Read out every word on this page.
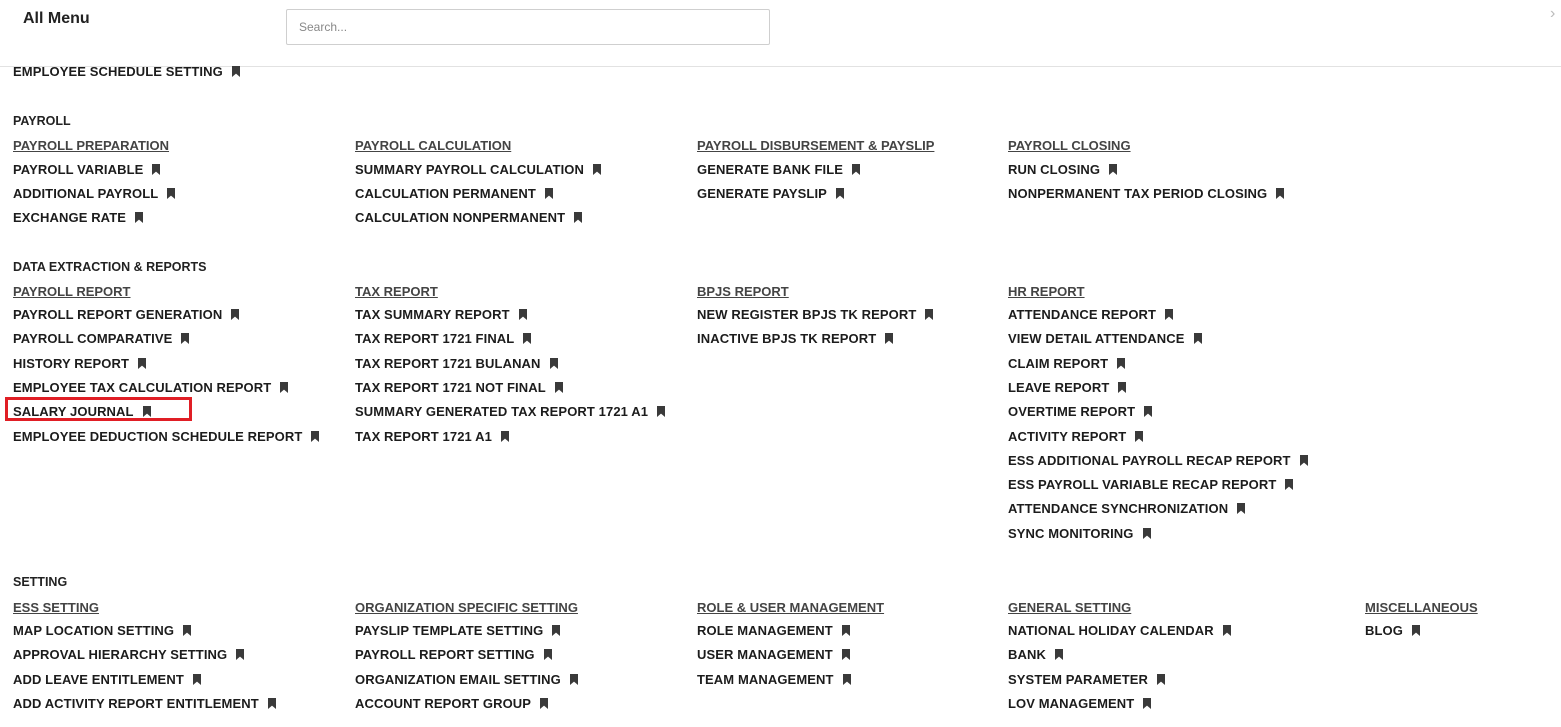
All Menu
Search...	›
EMPLOYEE SCHEDULE SETTING
PAYROLL
PAYROLL PREPARATION
PAYROLL VARIABLE
ADDITIONAL PAYROLL
EXCHANGE RATE
PAYROLL CALCULATION
SUMMARY PAYROLL CALCULATION
CALCULATION PERMANENT
CALCULATION NONPERMANENT
PAYROLL DISBURSEMENT & PAYSLIP
GENERATE BANK FILE
GENERATE PAYSLIP
PAYROLL CLOSING
RUN CLOSING
NONPERMANENT TAX PERIOD CLOSING
DATA EXTRACTION & REPORTS
PAYROLL REPORT
PAYROLL REPORT GENERATION
PAYROLL COMPARATIVE
HISTORY REPORT
EMPLOYEE TAX CALCULATION REPORT
SALARY JOURNAL
EMPLOYEE DEDUCTION SCHEDULE REPORT
TAX REPORT
TAX SUMMARY REPORT
TAX REPORT 1721 FINAL
TAX REPORT 1721 BULANAN
TAX REPORT 1721 NOT FINAL
SUMMARY GENERATED TAX REPORT 1721 A1
TAX REPORT 1721 A1
BPJS REPORT
NEW REGISTER BPJS TK REPORT
INACTIVE BPJS TK REPORT
HR REPORT
ATTENDANCE REPORT
VIEW DETAIL ATTENDANCE
CLAIM REPORT
LEAVE REPORT
OVERTIME REPORT
ACTIVITY REPORT
ESS ADDITIONAL PAYROLL RECAP REPORT
ESS PAYROLL VARIABLE RECAP REPORT
ATTENDANCE SYNCHRONIZATION
SYNC MONITORING
SETTING
ESS SETTING
MAP LOCATION SETTING
APPROVAL HIERARCHY SETTING
ADD LEAVE ENTITLEMENT
ADD ACTIVITY REPORT ENTITLEMENT
ORGANIZATION SPECIFIC SETTING
PAYSLIP TEMPLATE SETTING
PAYROLL REPORT SETTING
ORGANIZATION EMAIL SETTING
ACCOUNT REPORT GROUP
ROLE & USER MANAGEMENT
ROLE MANAGEMENT
USER MANAGEMENT
TEAM MANAGEMENT
GENERAL SETTING
NATIONAL HOLIDAY CALENDAR
BANK
SYSTEM PARAMETER
LOV MANAGEMENT
MISCELLANEOUS
BLOG
